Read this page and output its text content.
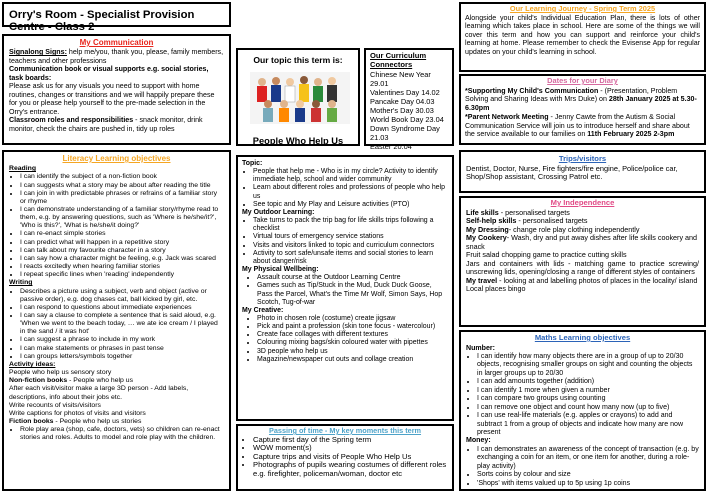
Orry's Room - Specialist Provision Centre - Class 2
My Communication
Signalong Signs: help me/you, thank you, please, family members, teachers and other professions
Communication book or visual supports e.g. social stories, task boards:
Please ask us for any visuals you need to support with home routines, changes or transitions and we will happily prepare these for you or please help yourself to the pre-made selection in the Orry's entrance.
Classroom roles and responsibilities - snack monitor, drink monitor, check the chairs are pushed in, tidy up roles
Our topic this term is:
People Who Help Us
Our Curriculum Connectors
Chinese New Year 29.01
Valentines Day 14.02
Pancake Day 04.03
Mother's Day 30.03
World Book Day 23.04
Down Syndrome Day 21.03
Easter 20.04
Our Learning Journey - Spring Term 2025
Alongside your child's Individual Education Plan, there is lots of other learning which takes place in school. Here are some of the things we will cover this term and how you can support and reinforce your child's learning at home. Please remember to check the Evisense App for regular updates on your child's learning in school.
Dates for your Diary
*Supporting My Child's Communication - (Presentation, Problem Solving and Sharing Ideas with Mrs Duke) on 28th January 2025 at 5.30-6.30pm
*Parent Network Meeting - Jenny Cawte from the Autism & Social Communication Service will join us to introduce herself and share about the service available to our families on 11th February 2025 2-3pm
Literacy Learning objectives
Reading
• I can identify the subject of a non-fiction book
• I can suggests what a story may be about after reading the title
• I can join in with predictable phrases or refrains of a familiar story or rhyme
• I can demonstrate understanding of a familiar story/rhyme read to them, e.g. by answering questions, such as 'Where is he/she/it?', 'Who is this?', 'What is he/she/it doing?'
• I can re-enact simple stories
• I can predict what will happen in a repetitive story
• I can talk about my favourite character in a story
• I can say how a character might be feeling, e.g. Jack was scared
• I reacts excitedly when hearing familiar stories
• I repeat specific lines when 'reading' independently
Writing
• Describes a picture using a subject, verb and object (active or passive order), e.g. dog chases cat, ball kicked by girl, etc.
• I can respond to questions about immediate experiences
• I can say a clause to complete a sentence that is said aloud, e.g. 'When we went to the beach today, … we ate ice cream / I played in the sand / it was hot'
• I can suggest a phrase to include in my work
• I can make statements or phrases in past tense
• I can groups letters/symbols together
Activity ideas:
People who help us sensory story
Non-fiction books - People who help us
After each visit/visitor make a large 3D person - Add labels, descriptions, info about their jobs etc.
Write recounts of visits/visitors
Write captions for photos of visits and visitors
Fiction books - People who help us stories
• Role play area (shop, cafe, doctors, vets) so children can re-enact stories and roles. Adults to model and role play with the children.
Topic:
• People that help me - Who is in my circle? Activity to identify immediate help, school and wider community
• Learn about different roles and professions of people who help us
• See topic and My Play and Leisure activities (PTO)
My Outdoor Learning:
• Take turns to pack the trip bag for life skills trips following a checklist
• Virtual tours of emergency service stations
• Visits and visitors linked to topic and curriculum connectors
• Activity to sort safe/unsafe items and social stories to learn about danger/risk
My Physical Wellbeing:
• Assault course at the Outdoor Learning Centre
• Games such as Tip/Stuck in the Mud, Duck Duck Goose, Pass the Parcel, What's the Time Mr Wolf, Simon Says, Hop Scotch, Tug-of-war
My Creative:
• Photo in chosen role (costume) create jigsaw
• Pick and paint a profession (skin tone focus - watercolour)
• Create face collages with different textures
• Colouring mixing bags/skin coloured water with pipettes
• 3D people who help us
• Magazine/newspaper cut outs and collage creation
Passing of time - My key moments this term
• Capture first day of the Spring term
• WOW moment(s)
• Capture trips and visits of People Who Help Us
• Photographs of pupils wearing costumes of different roles e.g. firefighter, policeman/woman, doctor etc
Trips/visitors
Dentist, Doctor, Nurse, Fire fighters/fire engine, Police/police car, Shop/Shop assistant, Crossing Patrol etc.
My Independence
Life skills - personalised targets
Self-help skills - personalised targets
My Dressing- change role play clothing independently
My Cookery- Wash, dry and put away dishes after life skills cookery and snack
Fruit salad chopping game to practice cutting skills
Jars and containers with lids - matching game to practice screwing/ unscrewing lids, opening/closing a range of different styles of containers
My travel - looking at and labelling photos of places in the locality/ island
Local places bingo
Maths Learning objectives
Number:
• I can identify how many objects there are in a group of up to 20/30 objects, recognising smaller groups on sight and counting the objects in larger groups up to 20/30
• I can add amounts together (addition)
• I can identify 1 more when given a number
• I can compare two groups using counting
• I can remove one object and count how many now (up to five)
• I can use real-life materials (e.g. apples or crayons) to add and subtract 1 from a group of objects and indicate how many are now present
Money:
• I can demonstrates an awareness of the concept of transaction (e.g. by exchanging a coin for an item, or one item for another, during a role-play activity)
• Sorts coins by colour and size
• 'Shops' with items valued up to 5p using 1p coins
